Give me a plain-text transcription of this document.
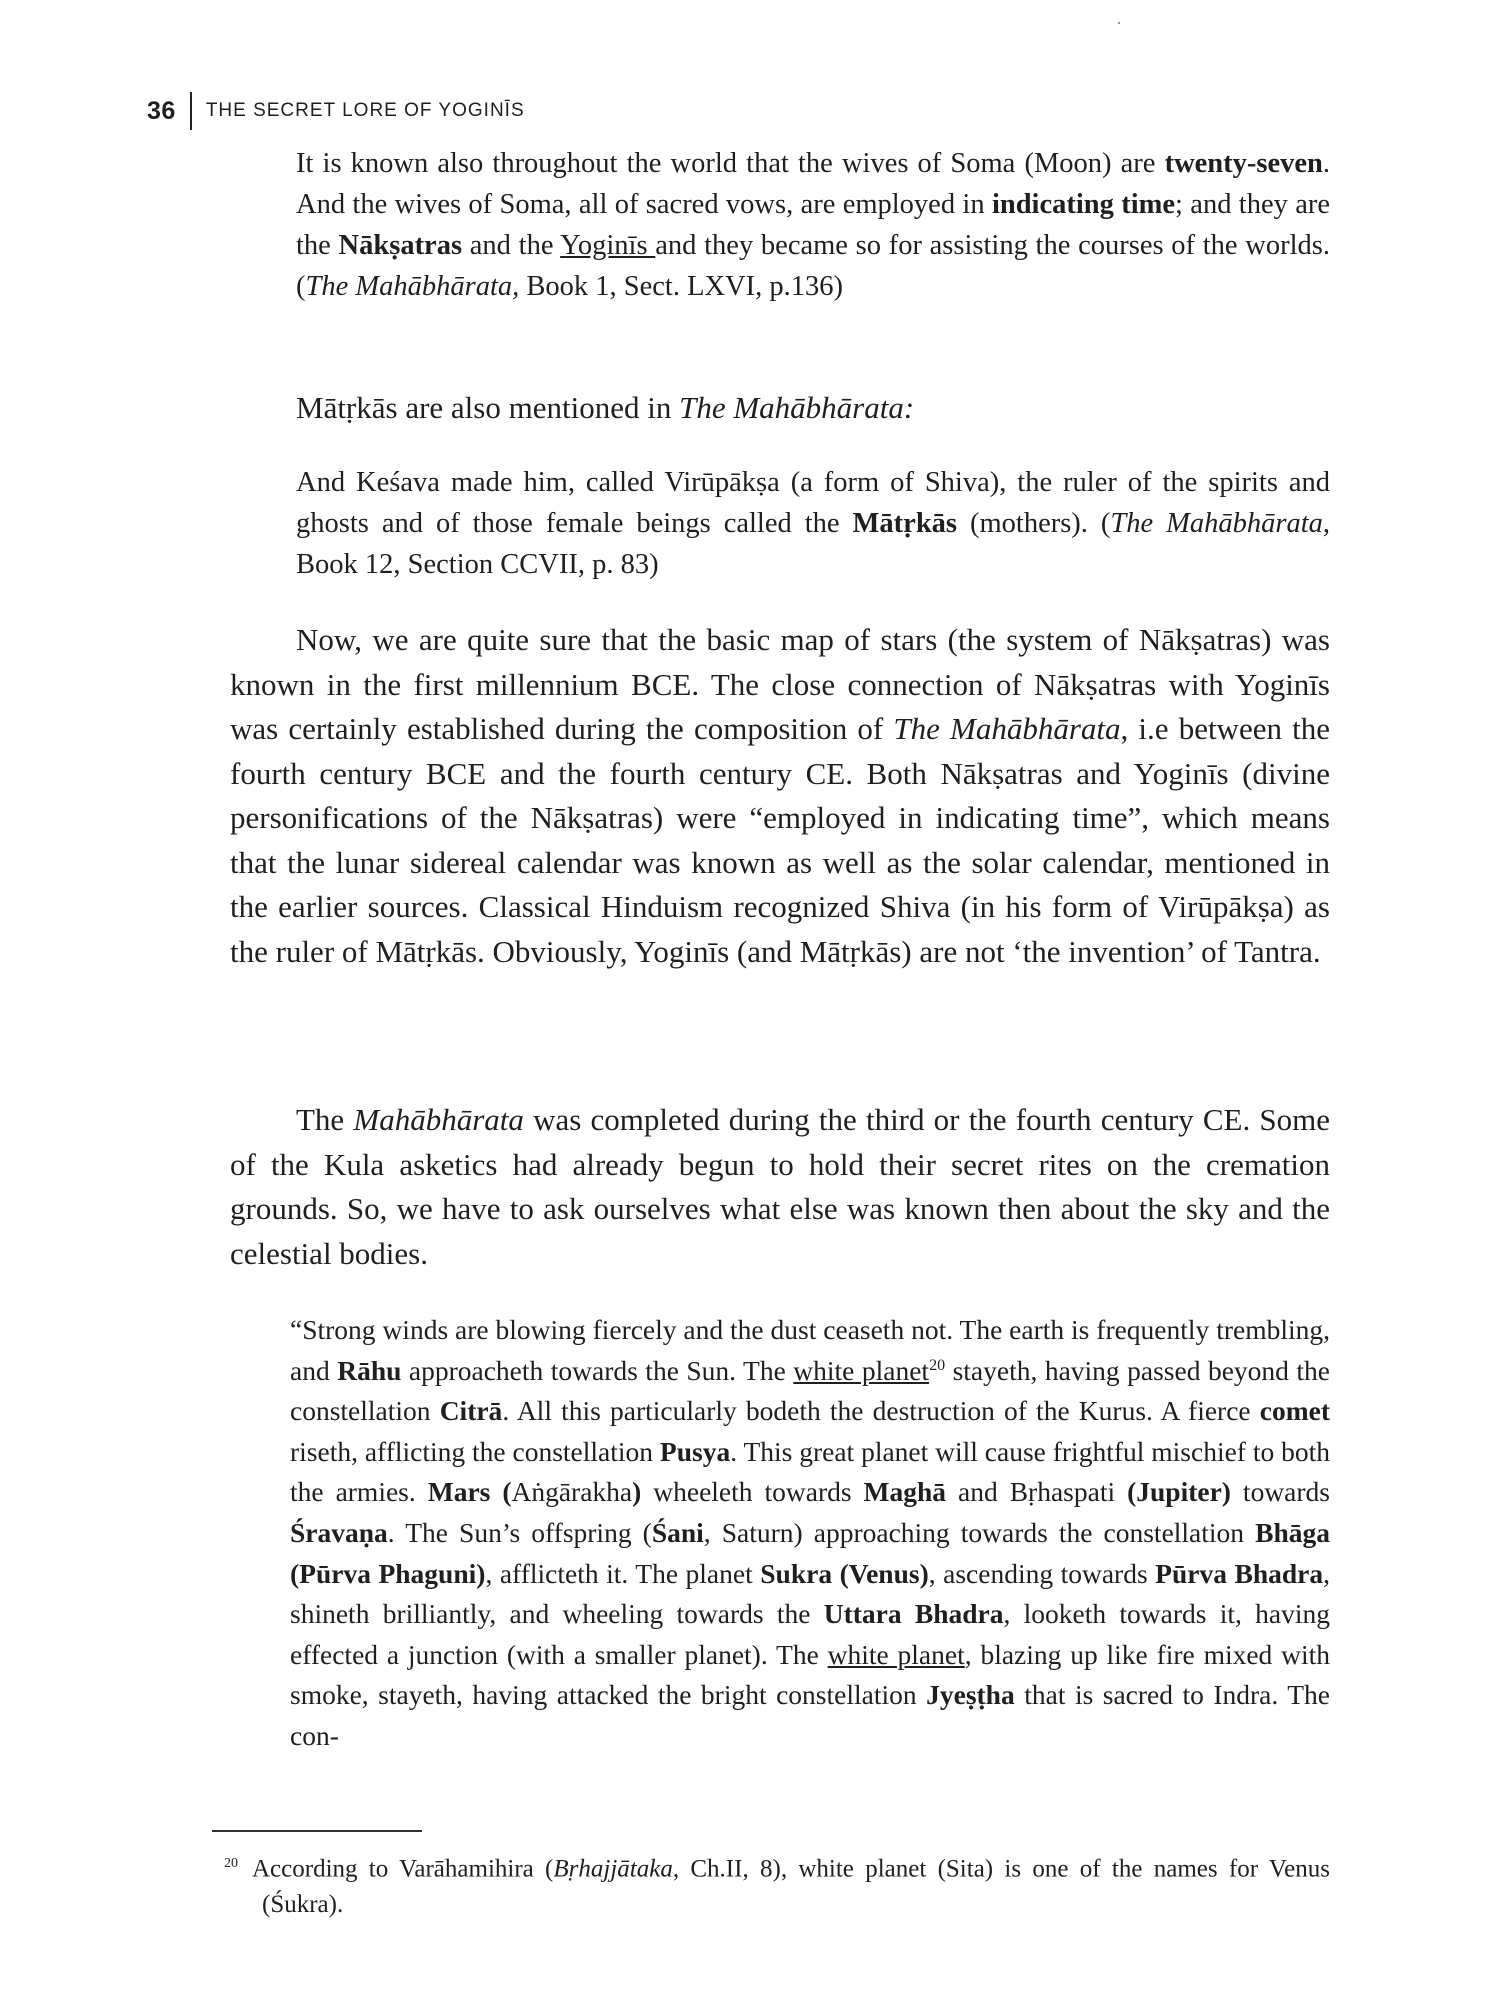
36 THE SECRET LORE OF YOGINĪS
It is known also throughout the world that the wives of Soma (Moon) are twenty-seven. And the wives of Soma, all of sacred vows, are employed in indicating time; and they are the Nākṣatras and the Yoginīs and they became so for assisting the courses of the worlds. (The Mahābhārata, Book 1, Sect. LXVI, p.136)
Mātṛkās are also mentioned in The Mahābhārata:
And Keśava made him, called Virūpākṣa (a form of Shiva), the ruler of the spirits and ghosts and of those female beings called the Mātṛkās (mothers). (The Mahābhārata, Book 12, Section CCVII, p. 83)

Now, we are quite sure that the basic map of stars (the system of Nākṣatras) was known in the first millennium BCE. The close connection of Nākṣatras with Yoginīs was certainly established during the composition of The Mahābhārata, i.e between the fourth century BCE and the fourth century CE. Both Nākṣatras and Yoginīs (divine personifications of the Nākṣatras) were “employed in indicating time”, which means that the lunar sidereal calendar was known as well as the solar calendar, mentioned in the earlier sources. Classical Hinduism recognized Shiva (in his form of Virūpākṣa) as the ruler of Mātṛkās. Obviously, Yoginīs (and Mātṛkās) are not ‘the invention’ of Tantra.

The Mahābhārata was completed during the third or the fourth century CE. Some of the Kula asketics had already begun to hold their secret rites on the cremation grounds. So, we have to ask ourselves what else was known then about the sky and the celestial bodies.

“Strong winds are blowing fiercely and the dust ceaseth not. The earth is frequently trembling, and Rāhu approacheth towards the Sun. The white planet$^{20}$ stayeth, having passed beyond the constellation Citrā. All this particularly bodeth the destruction of the Kurus. A fierce comet riseth, afflicting the constellation Pusya. This great planet will cause frightful mischief to both the armies. Mars (Aṅgārakha) wheeleth towards Maghā and Bṛhaspati (Jupiter) towards Śravaṇa. The Sun’s offspring (Śani, Saturn) approaching towards the constellation Bhāga (Pūrva Phaguni), afflicteth it. The planet Sukra (Venus), ascending towards Pūrva Bhadra, shineth brilliantly, and wheeling towards the Uttara Bhadra, looketh towards it, having effected a junction (with a smaller planet). The white planet, blazing up like fire mixed with smoke, stayeth, having attacked the bright constellation Jyeṣṭha that is sacred to Indra. The con-
$^{20}$ According to Varāhamihira (Bṛhajjātaka, Ch.II, 8), white planet (Sita) is one of the names for Venus (Śukra).
